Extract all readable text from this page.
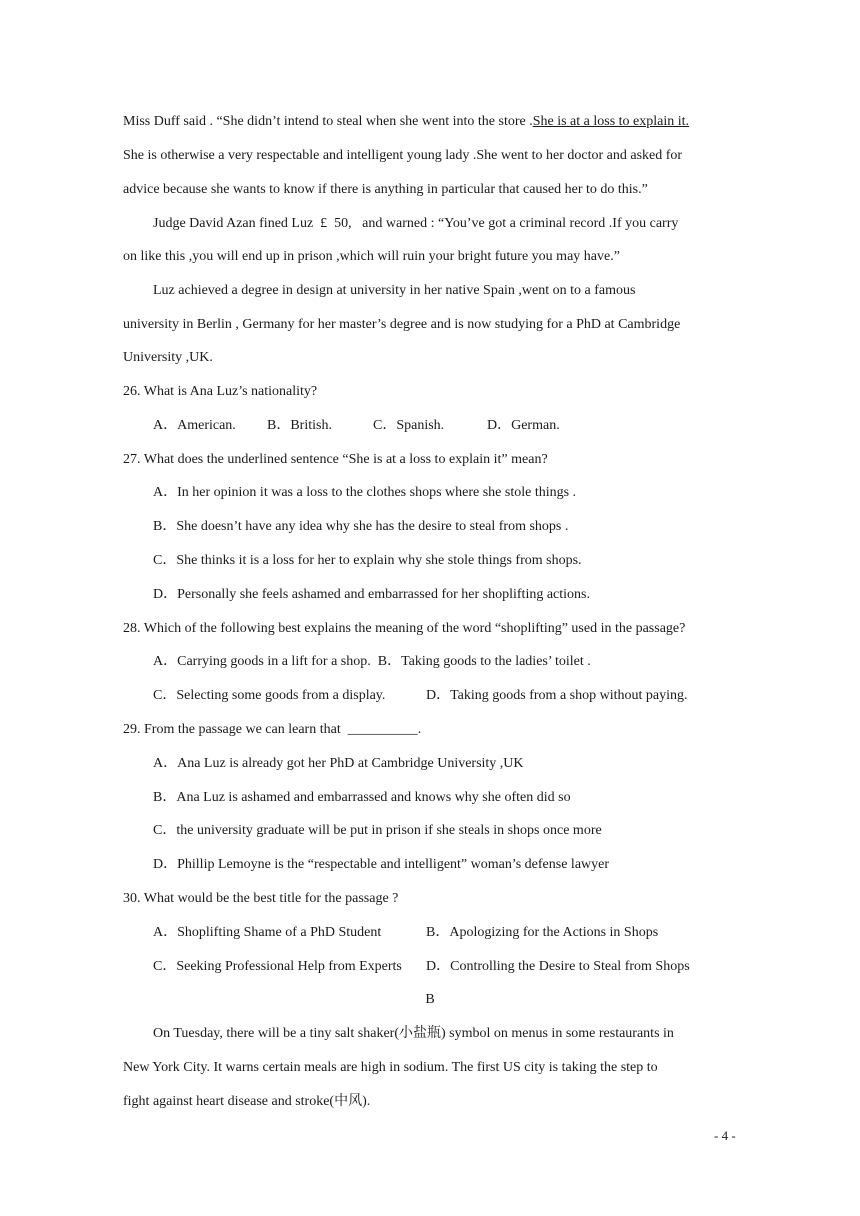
Miss Duff said . “She didn’t intend to steal when she went into the store .She is at a loss to explain it.
She is otherwise a very respectable and intelligent young lady .She went to her doctor and asked for
advice because she wants to know if there is anything in particular that caused her to do this.”
Judge David Azan fined Luz  £  50,   and warned : “You’ve got a criminal record .If you carry
on like this ,you will end up in prison ,which will ruin your bright future you may have.”
Luz achieved a degree in design at university in her native Spain ,went on to a famous
university in Berlin , Germany for her master’s degree and is now studying for a PhD at Cambridge
University ,UK.
26. What is Ana Luz’s nationality?
A．American. B．British.	C．Spanish.	D．German.
27. What does the underlined sentence “She is at a loss to explain it” mean?
A．In her opinion it was a loss to the clothes shops where she stole things .
B．She doesn’t have any idea why she has the desire to steal from shops .
C．She thinks it is a loss for her to explain why she stole things from shops.
D．Personally she feels ashamed and embarrassed for her shoplifting actions.
28. Which of the following best explains the meaning of the word “shoplifting” used in the passage?
A．Carrying goods in a lift for a shop.  B．Taking goods to the ladies’ toilet .
C．Selecting some goods from a display.	D．Taking goods from a shop without paying.
29. From the passage we can learn that  __________.
A．Ana Luz is already got her PhD at Cambridge University ,UK
B．Ana Luz is ashamed and embarrassed and knows why she often did so
C．the university graduate will be put in prison if she steals in shops once more
D．Phillip Lemoyne is the “respectable and intelligent” woman’s defense lawyer
30. What would be the best title for the passage ?
A．Shoplifting Shame of a PhD Student	B．Apologizing for the Actions in Shops
C．Seeking Professional Help from Experts D．Controlling the Desire to Steal from Shops
B
On Tuesday, there will be a tiny salt shaker(小盐瓶) symbol on menus in some restaurants in
New York City. It warns certain meals are high in sodium. The first US city is taking the step to
fight against heart disease and stroke(中风).
- 4 -
